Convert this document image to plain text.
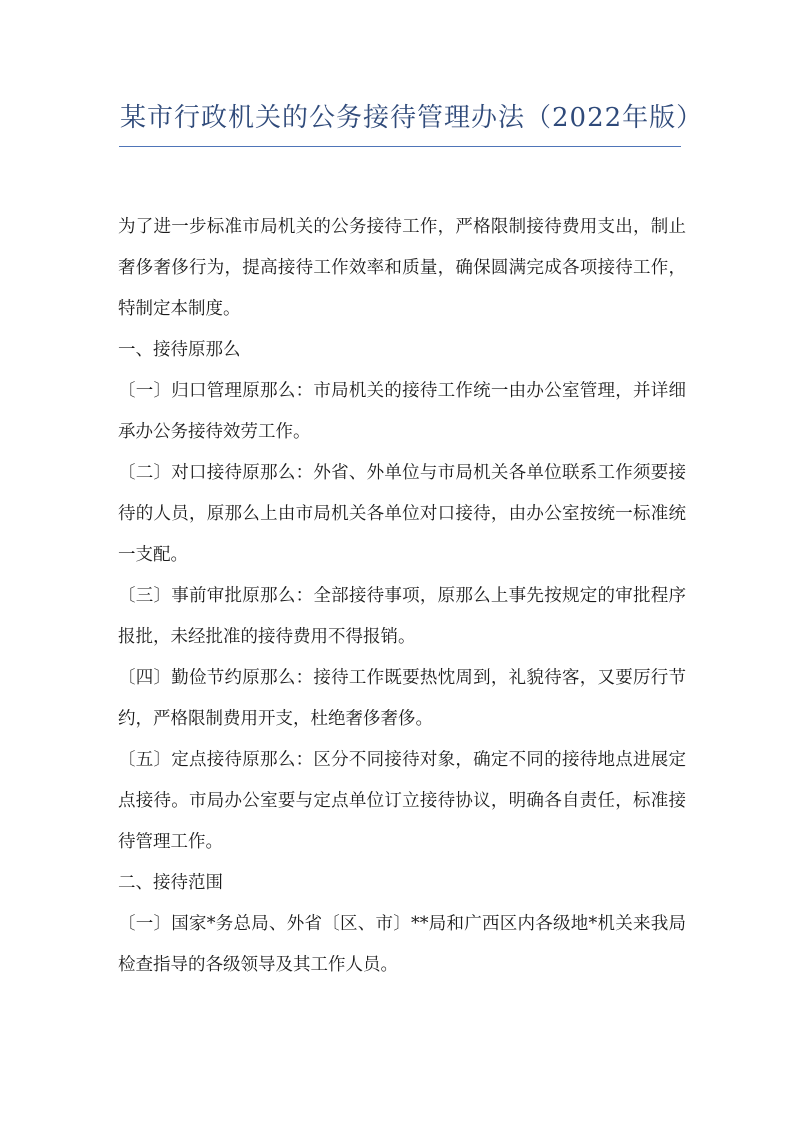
某市行政机关的公务接待管理办法（2022年版）

为了进一步标准市局机关的公务接待工作，严格限制接待费用支出，制止奢侈奢侈行为，提高接待工作效率和质量，确保圆满完成各项接待工作，特制定本制度。

一、接待原那么

〔一〕归口管理原那么：市局机关的接待工作统一由办公室管理，并详细承办公务接待效劳工作。

〔二〕对口接待原那么：外省、外单位与市局机关各单位联系工作须要接待的人员，原那么上由市局机关各单位对口接待，由办公室按统一标准统一支配。

〔三〕事前审批原那么：全部接待事项，原那么上事先按规定的审批程序报批，未经批准的接待费用不得报销。

〔四〕勤俭节约原那么：接待工作既要热忱周到，礼貌待客，又要厉行节约，严格限制费用开支，杜绝奢侈奢侈。

〔五〕定点接待原那么：区分不同接待对象，确定不同的接待地点进展定点接待。市局办公室要与定点单位订立接待协议，明确各自责任，标准接待管理工作。

二、接待范围

〔一〕国家*务总局、外省〔区、市〕**局和广西区内各级地*机关来我局检查指导的各级领导及其工作人员。
